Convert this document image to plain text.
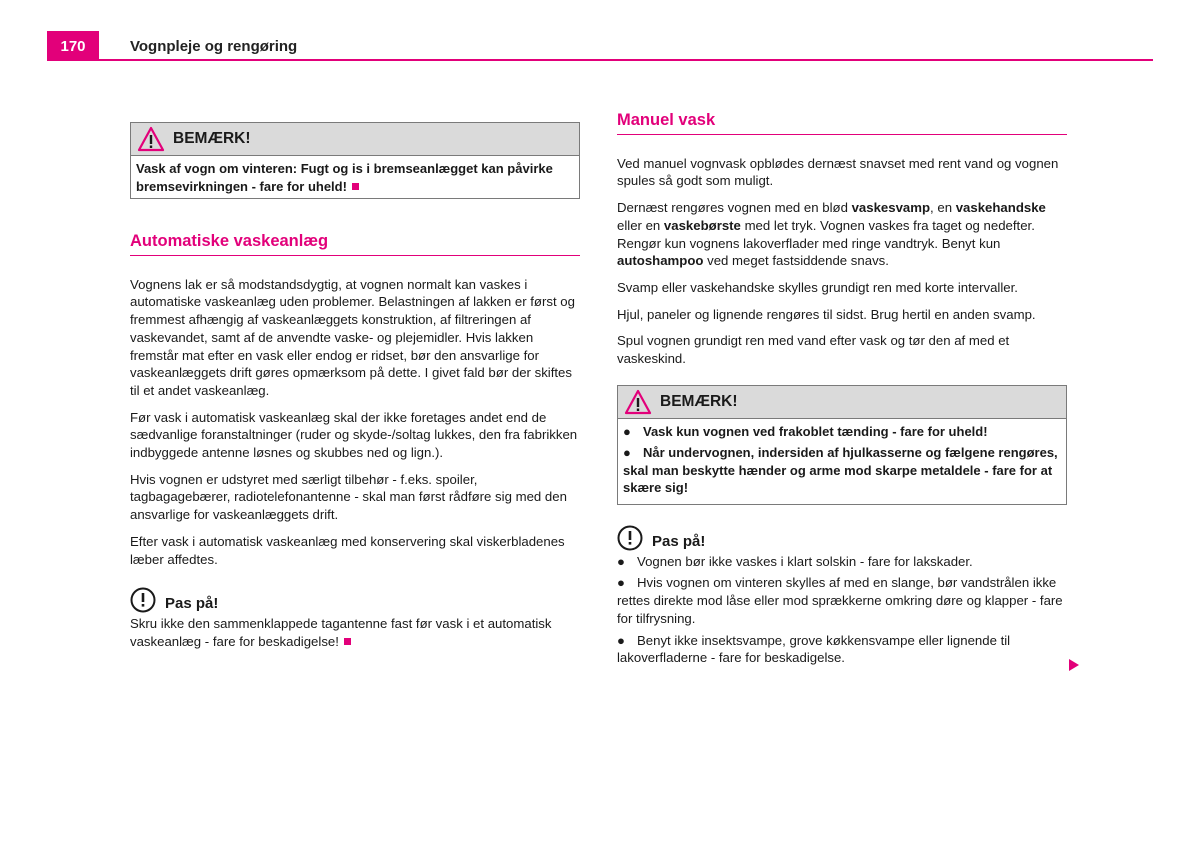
170	Vognpleje og rengøring
BEMÆRK!
Vask af vogn om vinteren: Fugt og is i bremseanlægget kan påvirke bremsevirkningen - fare for uheld!
Automatiske vaskeanlæg

Vognens lak er så modstandsdygtig, at vognen normalt kan vaskes i automatiske vaskeanlæg uden problemer. Belastningen af lakken er først og fremmest afhængig af vaskeanlæggets konstruktion, af filtreringen af vaskevandet, samt af de anvendte vaske- og plejemidler. Hvis lakken fremstår mat efter en vask eller endog er ridset, bør den ansvarlige for vaskeanlæggets drift gøres opmærksom på dette. I givet fald bør der skiftes til et andet vaskeanlæg.

Før vask i automatisk vaskeanlæg skal der ikke foretages andet end de sædvanlige foranstaltninger (ruder og skyde-/soltag lukkes, den fra fabrikken indbyggede antenne løsnes og skubbes ned og lign.).

Hvis vognen er udstyret med særligt tilbehør - f.eks. spoiler, tagbagagebærer, radiotelefonantenne - skal man først rådføre sig med den ansvarlige for vaskeanlæggets drift.

Efter vask i automatisk vaskeanlæg med konservering skal viskerbladenes læber affedtes.

Pas på!

Skru ikke den sammenklappede tagantenne fast før vask i et automatisk vaskeanlæg - fare for beskadigelse!

Manuel vask

Ved manuel vognvask opblødes dernæst snavset med rent vand og vognen spules så godt som muligt.

Dernæst rengøres vognen med en blød vaskesvamp, en vaskehandske eller en vaskebørste med let tryk. Vognen vaskes fra taget og nedefter. Rengør kun vognens lakoverflader med ringe vandtryk. Benyt kun autoshampoo ved meget fastsiddende snavs.

Svamp eller vaskehandske skylles grundigt ren med korte intervaller.

Hjul, paneler og lignende rengøres til sidst. Brug hertil en anden svamp.

Spul vognen grundigt ren med vand efter vask og tør den af med et vaskeskind.

BEMÆRK!
● Vask kun vognen ved frakoblet tænding - fare for uheld!
● Når undervognen, indersiden af hjulkasserne og fælgene rengøres, skal man beskytte hænder og arme mod skarpe metaldele - fare for at skære sig!
Pas på!
● Vognen bør ikke vaskes i klart solskin - fare for lakskader.
● Hvis vognen om vinteren skylles af med en slange, bør vandstrålen ikke rettes direkte mod låse eller mod sprækkerne omkring døre og klapper - fare for tilfrysning.
● Benyt ikke insektsvampe, grove køkkensvampe eller lignende til lakoverfladerne - fare for beskadigelse.
